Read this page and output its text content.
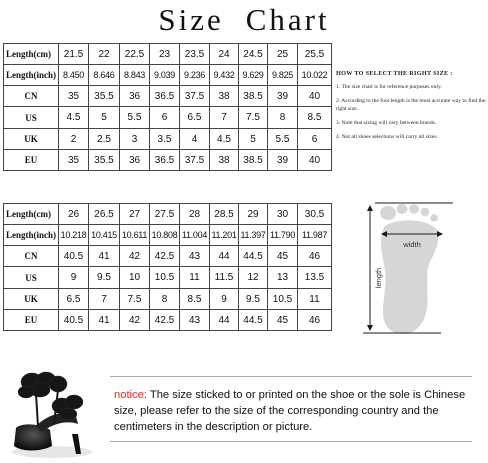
Size Chart
Length(cm)	21.5	22	22.5	23	23.5	24	24.5	25	25.5
Length(inch)	8.450	8.646	8.843	9.039	9.236	9.432	9.629	9.825	10.022
CN	35	35.5	36	36.5	37.5	38	38.5	39	40
US	4.5	5	5.5	6	6.5	7	7.5	8	8.5
UK	2	2.5	3	3.5	4	4.5	5	5.5	6
EU	35	35.5	36	36.5	37.5	38	38.5	39	40
HOW TO SELECT THE RIGHT SIZE :
1. The size chart is for reference purposes only.
2. According to the foot length is the most accurate way to find the right size.
3. Note that sizing will vary between brands.
4. Not all shoes selections will carry all sizes.
Length(cm)	26	26.5	27	27.5	28	28.5	29	30	30.5
Length(inch)	10.218	10.415	10.611	10.808	11.004	11.201	11.397	11.790	11.987
CN	40.5	41	42	42.5	43	44	44.5	45	46
US	9	9.5	10	10.5	11	11.5	12	13	13.5
UK	6.5	7	7.5	8	8.5	9	9.5	10.5	11
EU	40.5	41	42	42.5	43	44	44.5	45	46
width
length
notice: The size sticked to or printed on the shoe or the sole is Chinese size, please refer to the size of the corresponding country and the centimeters in the description or picture.
